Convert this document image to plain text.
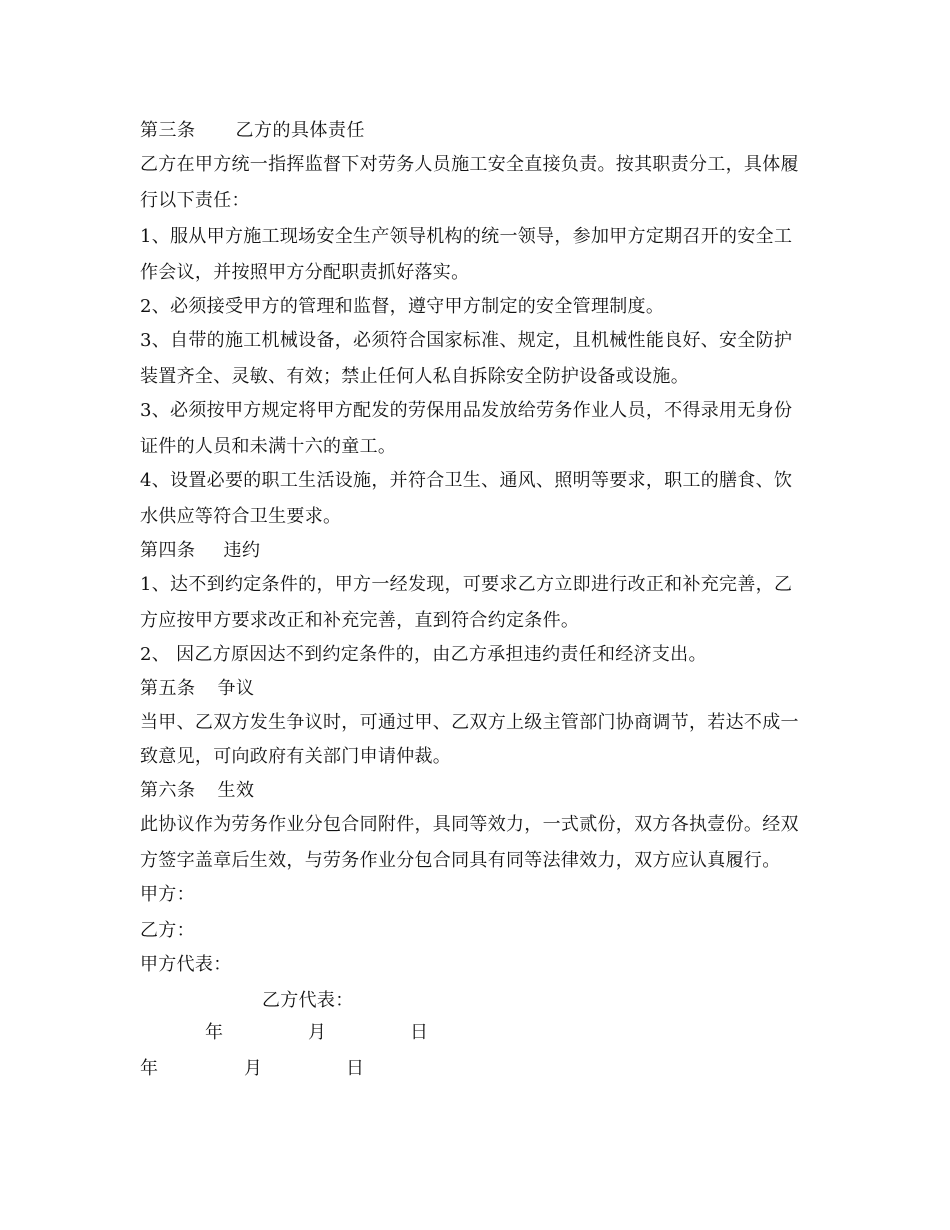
第三条 乙方的具体责任
乙方在甲方统一指挥监督下对劳务人员施工安全直接负责。按其职责分工，具体履
行以下责任：
1、服从甲方施工现场安全生产领导机构的统一领导，参加甲方定期召开的安全工
作会议，并按照甲方分配职责抓好落实。
2、必须接受甲方的管理和监督，遵守甲方制定的安全管理制度。
3、自带的施工机械设备，必须符合国家标准、规定，且机械性能良好、安全防护
装置齐全、灵敏、有效；禁止任何人私自拆除安全防护设备或设施。
3、必须按甲方规定将甲方配发的劳保用品发放给劳务作业人员，不得录用无身份
证件的人员和未满十六的童工。
4、设置必要的职工生活设施，并符合卫生、通风、照明等要求，职工的膳食、饮
水供应等符合卫生要求。
第四条 违约
1、达不到约定条件的，甲方一经发现，可要求乙方立即进行改正和补充完善，乙
方应按甲方要求改正和补充完善，直到符合约定条件。
2、 因乙方原因达不到约定条件的，由乙方承担违约责任和经济支出。
第五条 争议
当甲、乙双方发生争议时，可通过甲、乙双方上级主管部门协商调节，若达不成一
致意见，可向政府有关部门申请仲裁。
第六条 生效
此协议作为劳务作业分包合同附件，具同等效力，一式贰份，双方各执壹份。经双
方签字盖章后生效，与劳务作业分包合同具有同等法律效力，双方应认真履行。
甲方：
乙方：
甲方代表：
乙方代表：
年	月	日
年	月	日
